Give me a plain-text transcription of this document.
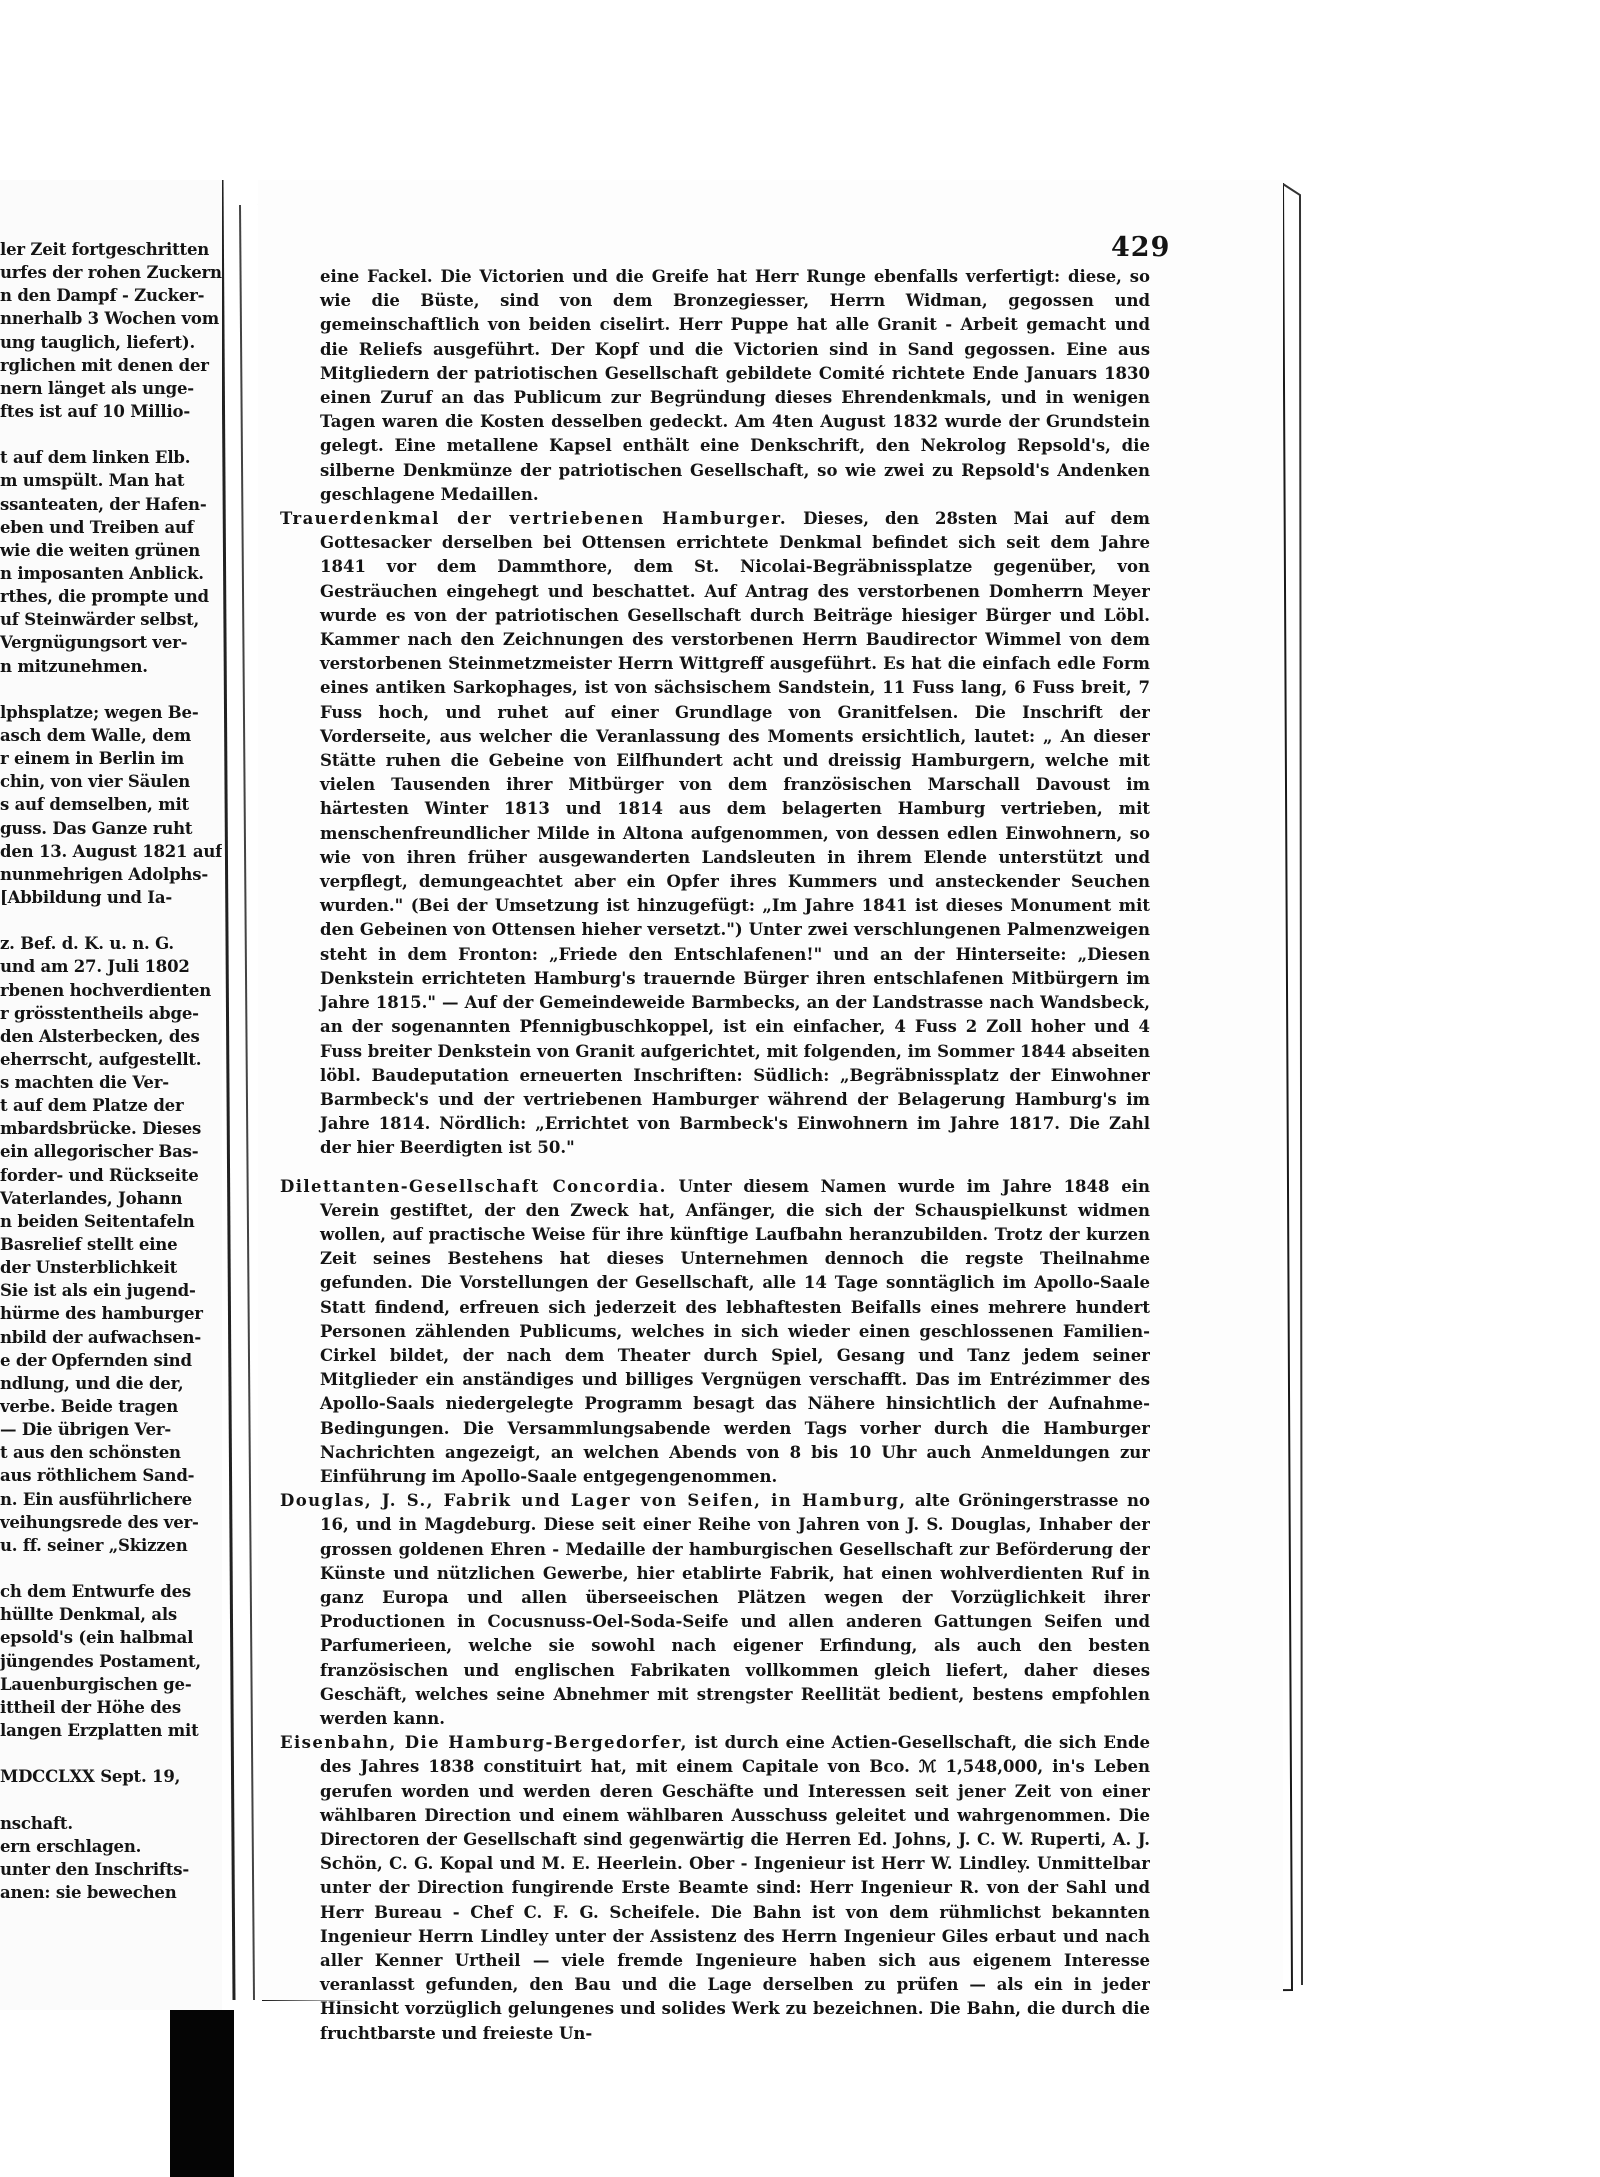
ler Zeit fortgeschritten
urfes der rohen Zuckern
n den Dampf - Zucker-
nnerhalb 3 Wochen vom
ung tauglich, liefert).
rglichen mit denen der
nern länget als unge-
ftes ist auf 10 Millio-
t auf dem linken Elb.
m umspült. Man hat
ssanteaten, der Hafen-
eben und Treiben auf
wie die weiten grünen
n imposanten Anblick.
rthes, die prompte und
uf Steinwärder selbst,
Vergnügungsort ver-
n mitzunehmen.
lphsplatze; wegen Be-
asch dem Walle, dem
r einem in Berlin im
chin, von vier Säulen
s auf demselben, mit
guss. Das Ganze ruht
den 13. August 1821 auf
nunmehrigen Adolphs-
[Abbildung und Ia-
z. Bef. d. K. u. n. G.
und am 27. Juli 1802
rbenen hochverdienten
r grösstentheils abge-
den Alsterbecken, des
eherrscht, aufgestellt.
s machten die Ver-
t auf dem Platze der
mbardsbrücke. Dieses
ein allegorischer Bas-
forder- und Rückseite
Vaterlandes, Johann
n beiden Seitentafeln
Basrelief stellt eine
der Unsterblichkeit
Sie ist als ein jugend-
hürme des hamburger
nbild der aufwachsen-
e der Opfernden sind
ndlung, und die der,
verbe. Beide tragen
— Die übrigen Ver-
t aus den schönsten
aus röthlichem Sand-
n. Ein ausführlichere
veihungsrede des ver-
u. ff. seiner „Skizzen
ch dem Entwurfe des
hüllte Denkmal, als
epsold's (ein halbmal
jüngendes Postament,
Lauenburgischen ge-
ittheil der Höhe des
langen Erzplatten mit
MDCCLXX Sept. 19,
nschaft.
ern erschlagen.
unter den Inschrifts-
anen: sie bewechen
429
eine Fackel. Die Victorien und die Greife hat Herr Runge ebenfalls verfertigt: diese, so wie die Büste, sind von dem Bronzegiesser, Herrn Widman, gegossen und gemeinschaftlich von beiden ciselirt. Herr Puppe hat alle Granit - Arbeit gemacht und die Reliefs ausgeführt. Der Kopf und die Victorien sind in Sand gegossen. Eine aus Mitgliedern der patriotischen Gesellschaft gebildete Comité richtete Ende Januars 1830 einen Zuruf an das Publicum zur Begründung dieses Ehrendenkmals, und in wenigen Tagen waren die Kosten desselben gedeckt. Am 4ten August 1832 wurde der Grundstein gelegt. Eine metallene Kapsel enthält eine Denkschrift, den Nekrolog Repsold's, die silberne Denkmünze der patriotischen Gesellschaft, so wie zwei zu Repsold's Andenken geschlagene Medaillen.
Trauerdenkmal der vertriebenen Hamburger. Dieses, den 28sten Mai auf dem Gottesacker derselben bei Ottensen errichtete Denkmal befindet sich seit dem Jahre 1841 vor dem Dammthore, dem St. Nicolai-Begräbnissplatze gegenüber, von Gesträuchen eingehegt und beschattet. Auf Antrag des verstorbenen Domherrn Meyer wurde es von der patriotischen Gesellschaft durch Beiträge hiesiger Bürger und Löbl. Kammer nach den Zeichnungen des verstorbenen Herrn Baudirector Wimmel von dem verstorbenen Steinmetzmeister Herrn Wittgreff ausgeführt. Es hat die einfach edle Form eines antiken Sarkophages, ist von sächsischem Sandstein, 11 Fuss lang, 6 Fuss breit, 7 Fuss hoch, und ruhet auf einer Grundlage von Granitfelsen. Die Inschrift der Vorderseite, aus welcher die Veranlassung des Moments ersichtlich, lautet: „ An dieser Stätte ruhen die Gebeine von Eilfhundert acht und dreissig Hamburgern, welche mit vielen Tausenden ihrer Mitbürger von dem französischen Marschall Davoust im härtesten Winter 1813 und 1814 aus dem belagerten Hamburg vertrieben, mit menschenfreundlicher Milde in Altona aufgenommen, von dessen edlen Einwohnern, so wie von ihren früher ausgewanderten Landsleuten in ihrem Elende unterstützt und verpflegt, demungeachtet aber ein Opfer ihres Kummers und ansteckender Seuchen wurden." (Bei der Umsetzung ist hinzugefügt: „Im Jahre 1841 ist dieses Monument mit den Gebeinen von Ottensen hieher versetzt.") Unter zwei verschlungenen Palmenzweigen steht in dem Fronton: „Friede den Entschlafenen!" und an der Hinterseite: „Diesen Denkstein errichteten Hamburg's trauernde Bürger ihren entschlafenen Mitbürgern im Jahre 1815." — Auf der Gemeindeweide Barmbecks, an der Landstrasse nach Wandsbeck, an der sogenannten Pfennigbuschkoppel, ist ein einfacher, 4 Fuss 2 Zoll hoher und 4 Fuss breiter Denkstein von Granit aufgerichtet, mit folgenden, im Sommer 1844 abseiten löbl. Baudeputation erneuerten Inschriften: Südlich: „Begräbnissplatz der Einwohner Barmbeck's und der vertriebenen Hamburger während der Belagerung Hamburg's im Jahre 1814. Nördlich: „Errichtet von Barmbeck's Einwohnern im Jahre 1817. Die Zahl der hier Beerdigten ist 50."
Dilettanten-Gesellschaft Concordia. Unter diesem Namen wurde im Jahre 1848 ein Verein gestiftet, der den Zweck hat, Anfänger, die sich der Schauspielkunst widmen wollen, auf practische Weise für ihre künftige Laufbahn heranzubilden. Trotz der kurzen Zeit seines Bestehens hat dieses Unternehmen dennoch die regste Theilnahme gefunden. Die Vorstellungen der Gesellschaft, alle 14 Tage sonntäglich im Apollo-Saale Statt findend, erfreuen sich jederzeit des lebhaftesten Beifalls eines mehrere hundert Personen zählenden Publicums, welches in sich wieder einen geschlossenen Familien-Cirkel bildet, der nach dem Theater durch Spiel, Gesang und Tanz jedem seiner Mitglieder ein anständiges und billiges Vergnügen verschafft. Das im Entrézimmer des Apollo-Saals niedergelegte Programm besagt das Nähere hinsichtlich der Aufnahme-Bedingungen. Die Versammlungsabende werden Tags vorher durch die Hamburger Nachrichten angezeigt, an welchen Abends von 8 bis 10 Uhr auch Anmeldungen zur Einführung im Apollo-Saale entgegengenommen.
Douglas, J. S., Fabrik und Lager von Seifen, in Hamburg, alte Gröningerstrasse no 16, und in Magdeburg. Diese seit einer Reihe von Jahren von J. S. Douglas, Inhaber der grossen goldenen Ehren - Medaille der hamburgischen Gesellschaft zur Beförderung der Künste und nützlichen Gewerbe, hier etablirte Fabrik, hat einen wohlverdienten Ruf in ganz Europa und allen überseeischen Plätzen wegen der Vorzüglichkeit ihrer Productionen in Cocusnuss-Oel-Soda-Seife und allen anderen Gattungen Seifen und Parfumerieen, welche sie sowohl nach eigener Erfindung, als auch den besten französischen und englischen Fabrikaten vollkommen gleich liefert, daher dieses Geschäft, welches seine Abnehmer mit strengster Reellität bedient, bestens empfohlen werden kann.
Eisenbahn, Die Hamburg-Bergedorfer, ist durch eine Actien-Gesellschaft, die sich Ende des Jahres 1838 constituirt hat, mit einem Capitale von Bco. ℳ 1,548,000, in's Leben gerufen worden und werden deren Geschäfte und Interessen seit jener Zeit von einer wählbaren Direction und einem wählbaren Ausschuss geleitet und wahrgenommen. Die Directoren der Gesellschaft sind gegenwärtig die Herren Ed. Johns, J. C. W. Ruperti, A. J. Schön, C. G. Kopal und M. E. Heerlein. Ober - Ingenieur ist Herr W. Lindley. Unmittelbar unter der Direction fungirende Erste Beamte sind: Herr Ingenieur R. von der Sahl und Herr Bureau - Chef C. F. G. Scheifele. Die Bahn ist von dem rühmlichst bekannten Ingenieur Herrn Lindley unter der Assistenz des Herrn Ingenieur Giles erbaut und nach aller Kenner Urtheil — viele fremde Ingenieure haben sich aus eigenem Interesse veranlasst gefunden, den Bau und die Lage derselben zu prüfen — als ein in jeder Hinsicht vorzüglich gelungenes und solides Werk zu bezeichnen. Die Bahn, die durch die fruchtbarste und freieste Un-
